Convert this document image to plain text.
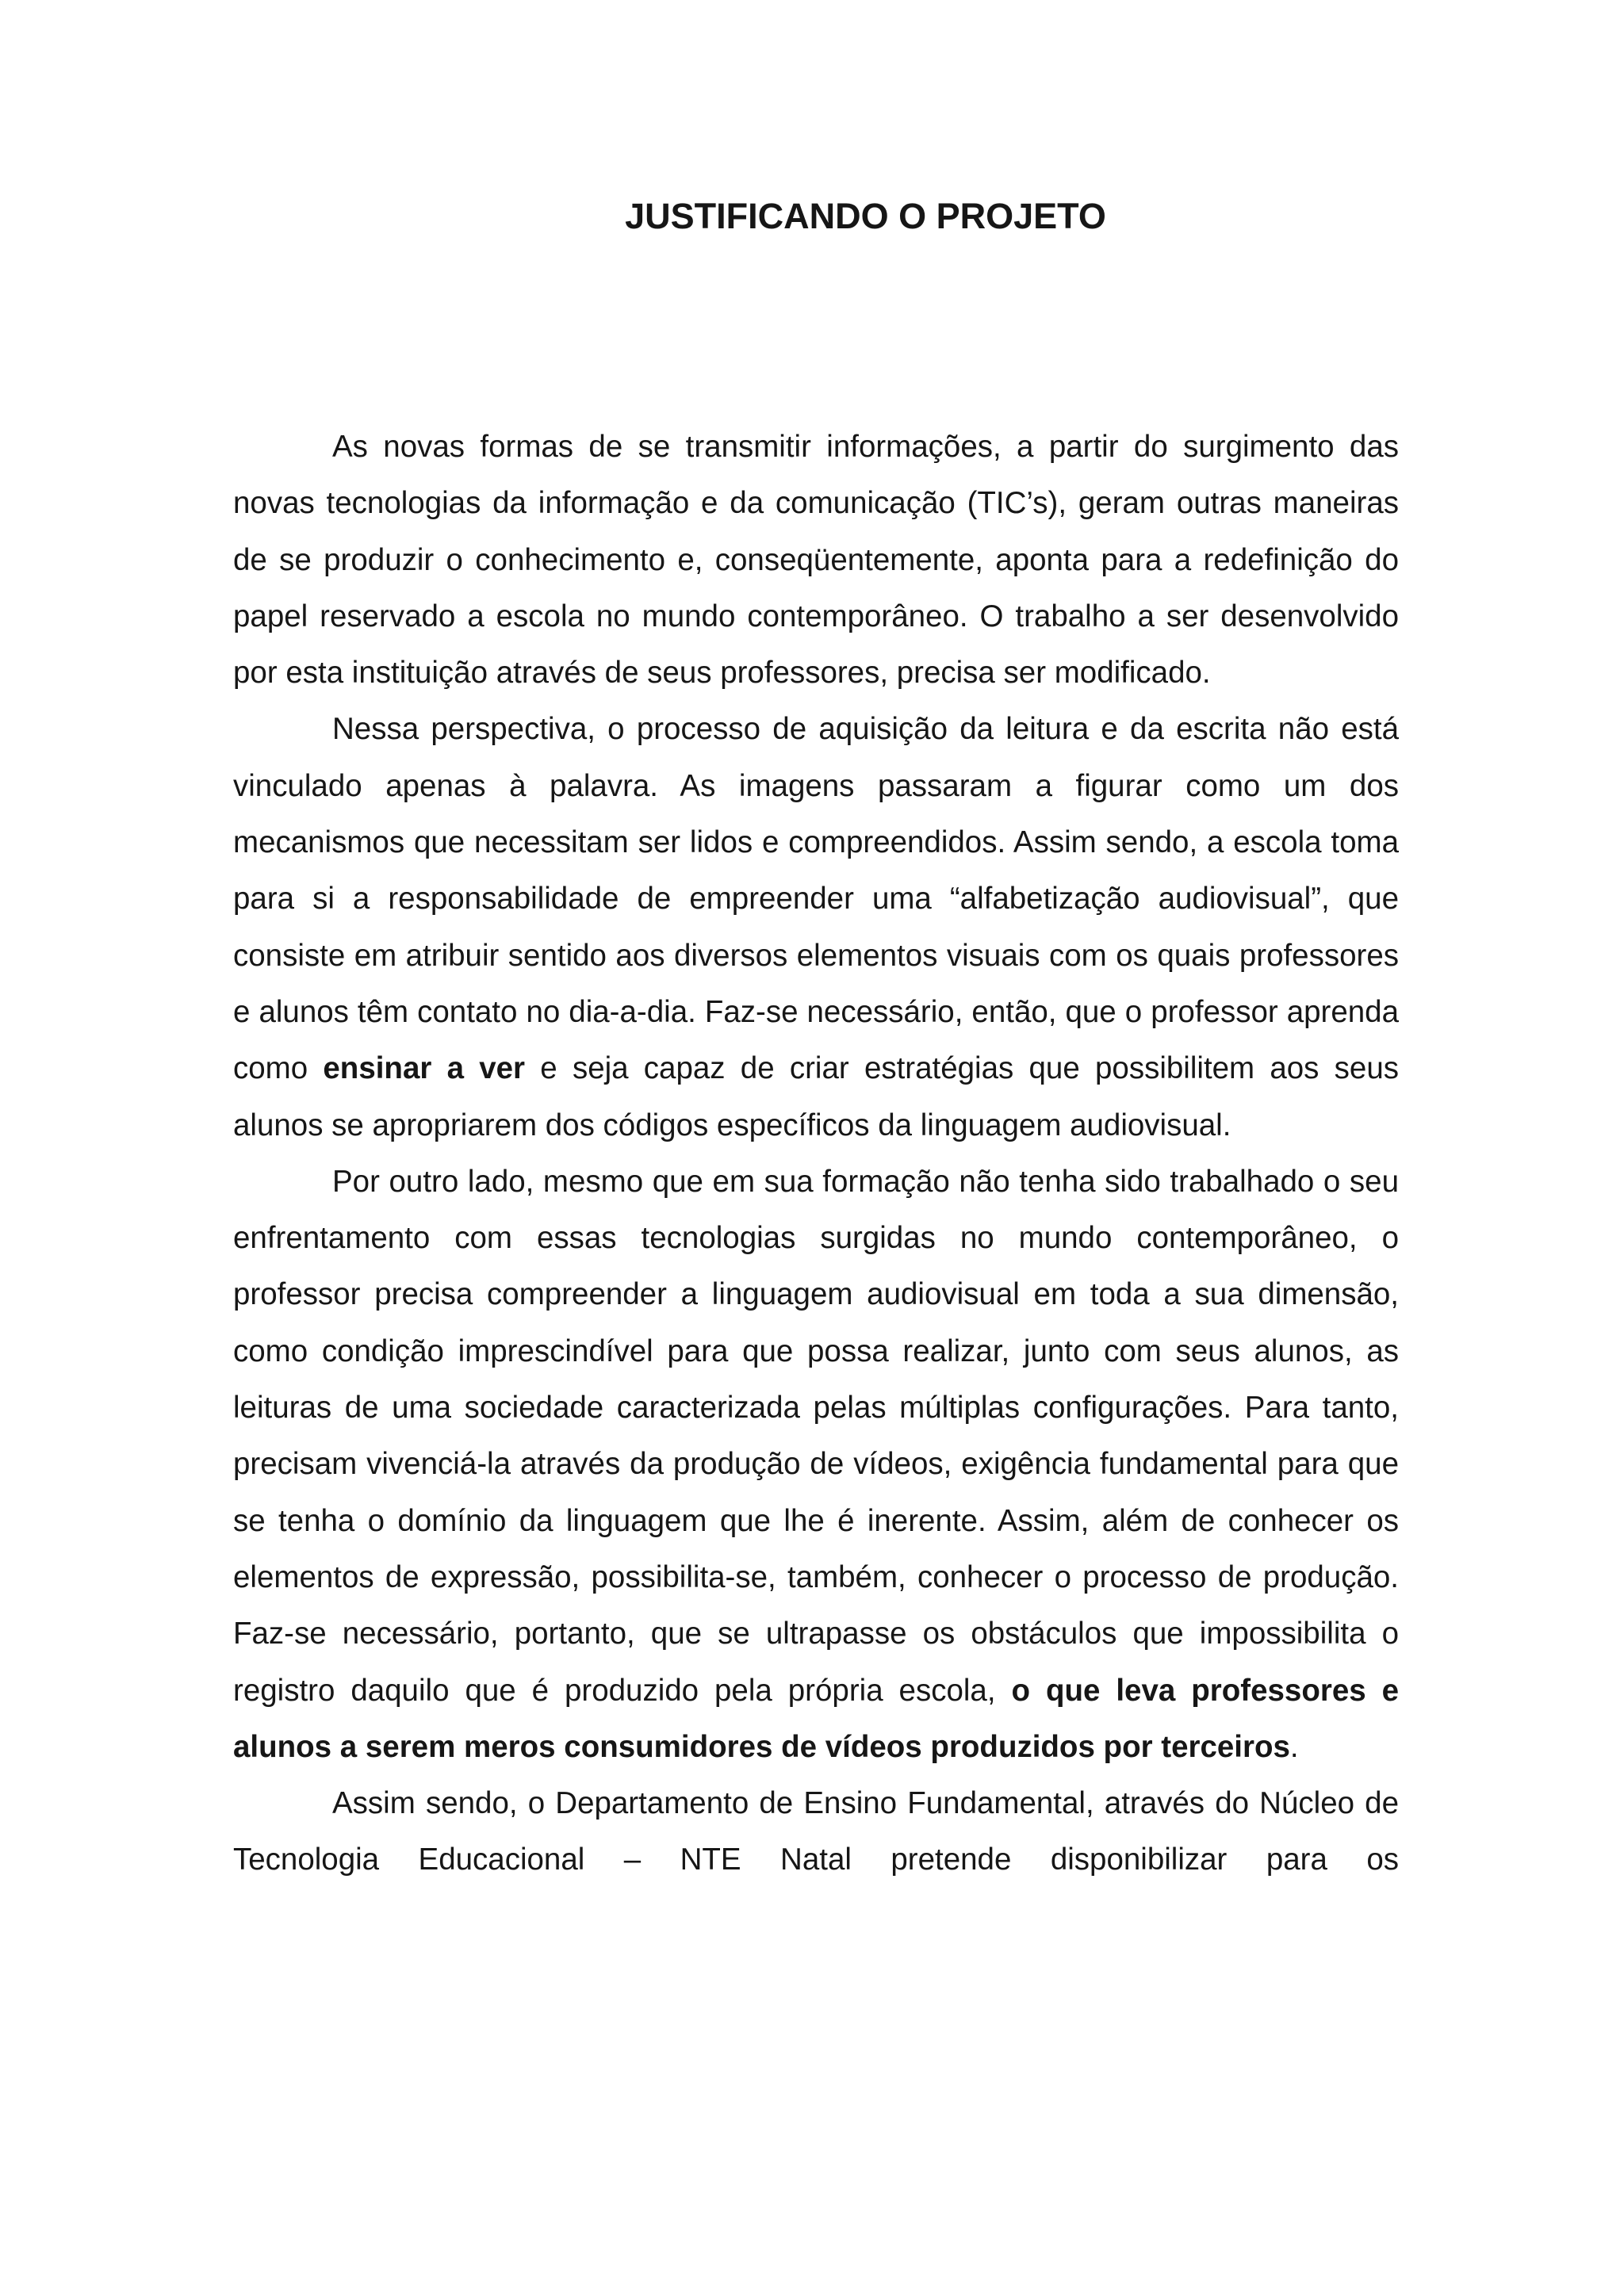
JUSTIFICANDO O PROJETO

As novas formas de se transmitir informações, a partir do surgimento das novas tecnologias da informação e da comunicação (TIC’s), geram outras maneiras de se produzir o conhecimento e, conseqüentemente, aponta para a redefinição do papel reservado a escola no mundo contemporâneo. O trabalho a ser desenvolvido por esta instituição através de seus professores, precisa ser modificado.

Nessa perspectiva, o processo de aquisição da leitura e da escrita não está vinculado apenas à palavra. As imagens passaram a figurar como um dos mecanismos que necessitam ser lidos e compreendidos. Assim sendo, a escola toma para si a responsabilidade de empreender uma “alfabetização audiovisual”, que consiste em atribuir sentido aos diversos elementos visuais com os quais professores e alunos têm contato no dia-a-dia. Faz-se necessário, então, que o professor aprenda como ensinar a ver e seja capaz de criar estratégias que possibilitem aos seus alunos se apropriarem dos códigos específicos da linguagem audiovisual.

Por outro lado, mesmo que em sua formação não tenha sido trabalhado o seu enfrentamento com essas tecnologias surgidas no mundo contemporâneo, o professor precisa compreender a linguagem audiovisual em toda a sua dimensão, como condição imprescindível para que possa realizar, junto com seus alunos, as leituras de uma sociedade caracterizada pelas múltiplas configurações. Para tanto, precisam vivenciá-la através da produção de vídeos, exigência fundamental para que se tenha o domínio da linguagem que lhe é inerente. Assim, além de conhecer os elementos de expressão, possibilita-se, também, conhecer o processo de produção. Faz-se necessário, portanto, que se ultrapasse os obstáculos que impossibilita o registro daquilo que é produzido pela própria escola, o que leva professores e alunos a serem meros consumidores de vídeos produzidos por terceiros.

Assim sendo, o Departamento de Ensino Fundamental, através do Núcleo de Tecnologia Educacional – NTE Natal pretende disponibilizar para os
